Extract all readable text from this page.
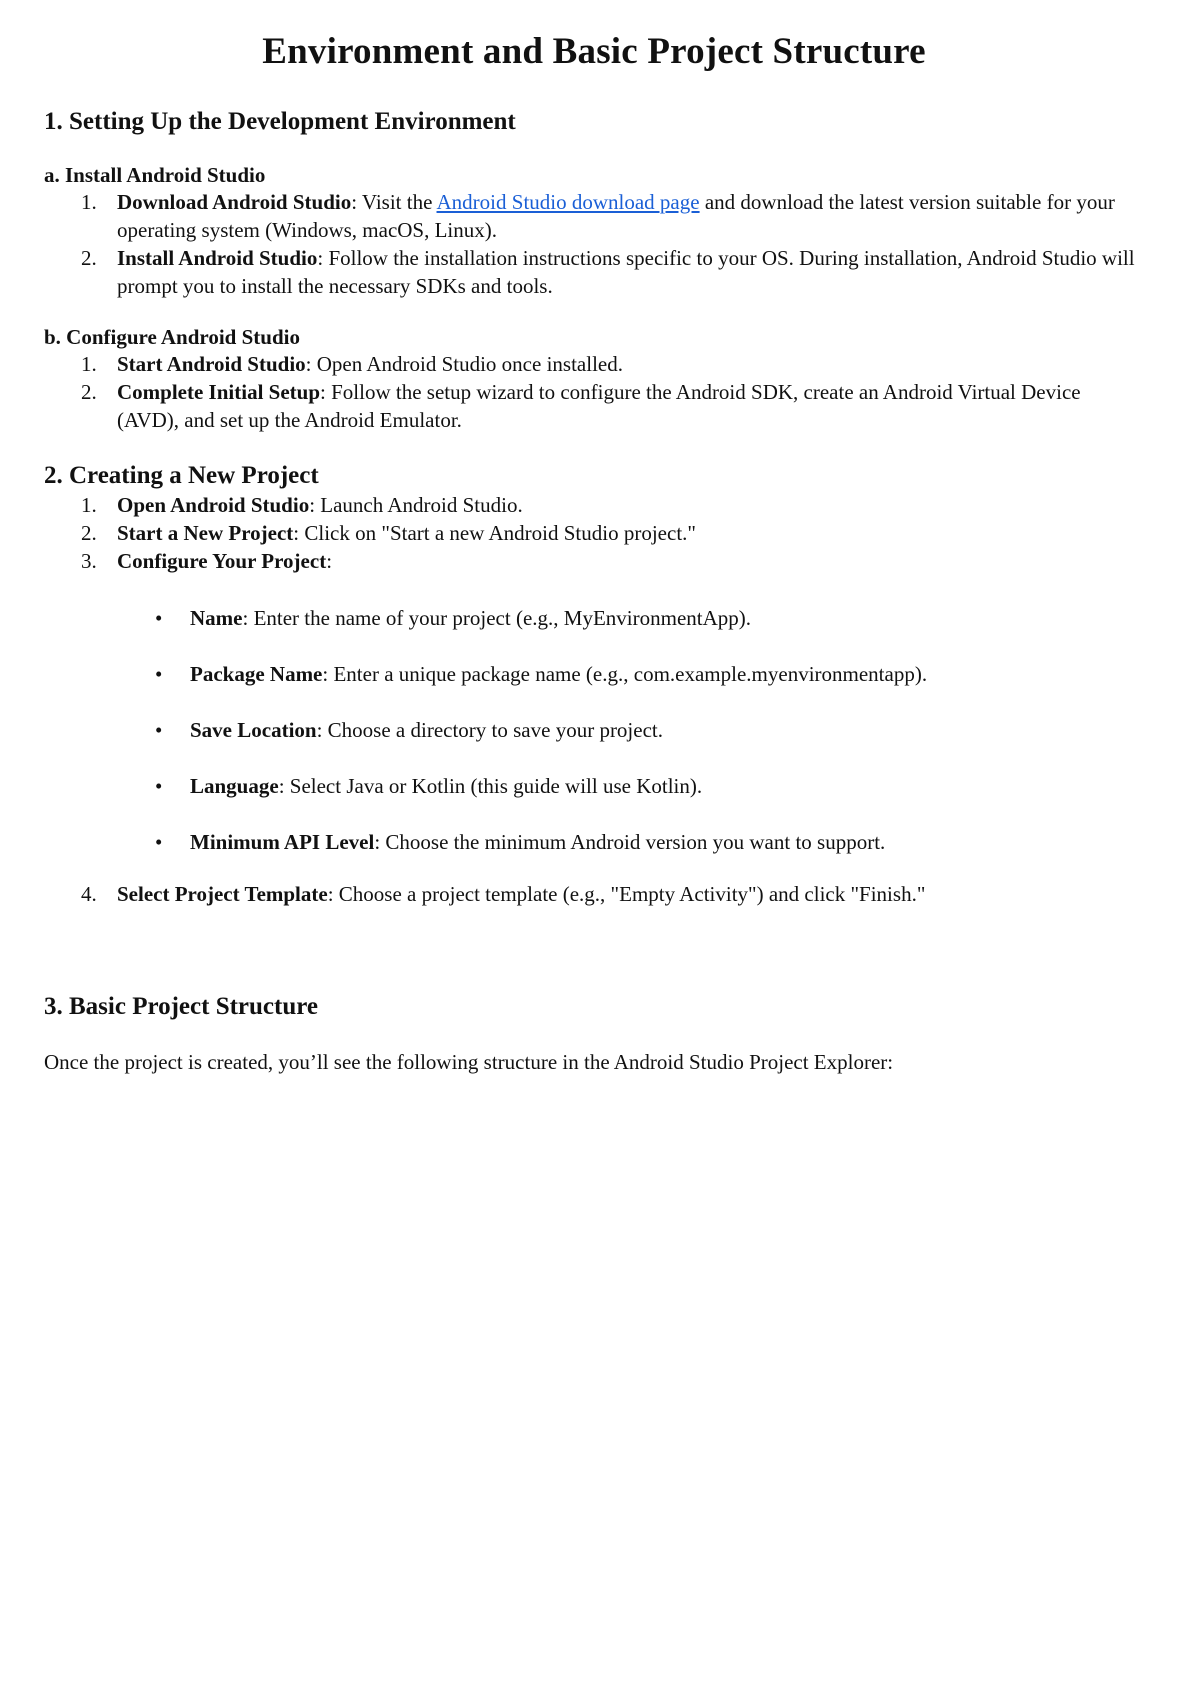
Environment and Basic Project Structure
1. Setting Up the Development Environment
a. Install Android Studio
1. Download Android Studio: Visit the Android Studio download page and download the latest version suitable for your operating system (Windows, macOS, Linux).
2. Install Android Studio: Follow the installation instructions specific to your OS. During installation, Android Studio will prompt you to install the necessary SDKs and tools.
b. Configure Android Studio
1. Start Android Studio: Open Android Studio once installed.
2. Complete Initial Setup: Follow the setup wizard to configure the Android SDK, create an Android Virtual Device (AVD), and set up the Android Emulator.
2. Creating a New Project
1. Open Android Studio: Launch Android Studio.
2. Start a New Project: Click on "Start a new Android Studio project."
3. Configure Your Project:
• Name: Enter the name of your project (e.g., MyEnvironmentApp).
• Package Name: Enter a unique package name (e.g., com.example.myenvironmentapp).
• Save Location: Choose a directory to save your project.
• Language: Select Java or Kotlin (this guide will use Kotlin).
• Minimum API Level: Choose the minimum Android version you want to support.
4. Select Project Template: Choose a project template (e.g., "Empty Activity") and click "Finish."
3. Basic Project Structure

Once the project is created, you’ll see the following structure in the Android Studio Project Explorer:
